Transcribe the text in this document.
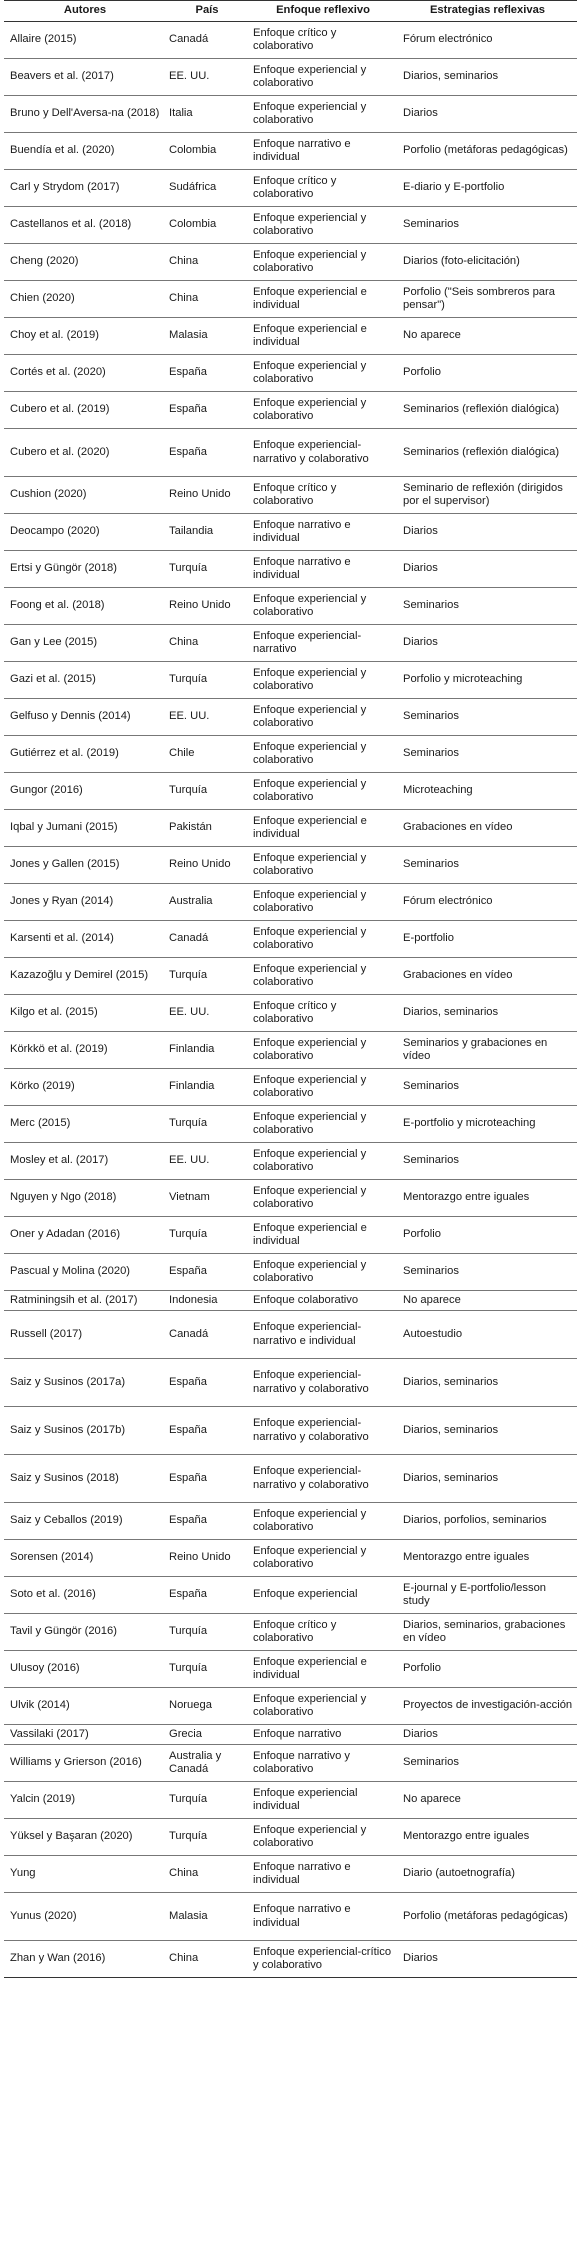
Autores	País	Enfoque reflexivo	Estrategias reflexivas
Allaire (2015)	Canadá	Enfoque crítico y colaborativo	Fórum electrónico
Beavers et al. (2017)	EE. UU.	Enfoque experiencial y colaborativo	Diarios, seminarios
Bruno y Dell'Aversa-na (2018)	Italia	Enfoque experiencial y colaborativo	Diarios
Buendía et al. (2020)	Colombia	Enfoque narrativo e individual	Porfolio (metáforas pedagógicas)
Carl y Strydom (2017)	Sudáfrica	Enfoque crítico y colaborativo	E-diario y E-portfolio
Castellanos et al. (2018)	Colombia	Enfoque experiencial y colaborativo	Seminarios
Cheng (2020)	China	Enfoque experiencial y colaborativo	Diarios (foto-elicitación)
Chien (2020)	China	Enfoque experiencial e individual	Porfolio ("Seis sombreros para pensar")
Choy et al. (2019)	Malasia	Enfoque experiencial e individual	No aparece
Cortés et al. (2020)	España	Enfoque experiencial y colaborativo	Porfolio
Cubero et al. (2019)	España	Enfoque experiencial y colaborativo	Seminarios (reflexión dialógica)
Cubero et al. (2020)	España	Enfoque experiencial-narrativo y colaborativo	Seminarios (reflexión dialógica)
Cushion (2020)	Reino Unido	Enfoque crítico y colaborativo	Seminario de reflexión (dirigidos por el supervisor)
Deocampo (2020)	Tailandia	Enfoque narrativo e individual	Diarios
Ertsi y Güngör (2018)	Turquía	Enfoque narrativo e individual	Diarios
Foong et al. (2018)	Reino Unido	Enfoque experiencial y colaborativo	Seminarios
Gan y Lee (2015)	China	Enfoque experiencial- narrativo	Diarios
Gazi et al. (2015)	Turquía	Enfoque experiencial y colaborativo	Porfolio y microteaching
Gelfuso y Dennis (2014)	EE. UU.	Enfoque experiencial y colaborativo	Seminarios
Gutiérrez et al. (2019)	Chile	Enfoque experiencial y colaborativo	Seminarios
Gungor (2016)	Turquía	Enfoque experiencial y colaborativo	Microteaching
Iqbal y Jumani (2015)	Pakistán	Enfoque experiencial e individual	Grabaciones en vídeo
Jones y Gallen (2015)	Reino Unido	Enfoque experiencial y colaborativo	Seminarios
Jones y Ryan (2014)	Australia	Enfoque experiencial y colaborativo	Fórum electrónico
Karsenti et al. (2014)	Canadá	Enfoque experiencial y colaborativo	E-portfolio
Kazazoğlu y Demirel (2015)	Turquía	Enfoque experiencial y colaborativo	Grabaciones en vídeo
Kilgo et al. (2015)	EE. UU.	Enfoque crítico y colaborativo	Diarios, seminarios
Körkkö et al. (2019)	Finlandia	Enfoque experiencial y colaborativo	Seminarios y grabaciones en vídeo
Körko (2019)	Finlandia	Enfoque experiencial y colaborativo	Seminarios
Merc (2015)	Turquía	Enfoque experiencial y colaborativo	E-portfolio y microteaching
Mosley et al. (2017)	EE. UU.	Enfoque experiencial y colaborativo	Seminarios
Nguyen y Ngo (2018)	Vietnam	Enfoque experiencial y colaborativo	Mentorazgo entre iguales
Oner y Adadan (2016)	Turquía	Enfoque experiencial e individual	Porfolio
Pascual y Molina (2020)	España	Enfoque experiencial y colaborativo	Seminarios
Ratminingsih et al. (2017)	Indonesia	Enfoque colaborativo	No aparece
Russell (2017)	Canadá	Enfoque experiencial-narrativo e individual	Autoestudio
Saiz y Susinos (2017a)	España	Enfoque experiencial-narrativo y colaborativo	Diarios, seminarios
Saiz y Susinos (2017b)	España	Enfoque experiencial-narrativo y colaborativo	Diarios, seminarios
Saiz y Susinos (2018)	España	Enfoque experiencial-narrativo y colaborativo	Diarios, seminarios
Saiz y Ceballos (2019)	España	Enfoque experiencial y colaborativo	Diarios, porfolios, seminarios
Sorensen (2014)	Reino Unido	Enfoque experiencial y colaborativo	Mentorazgo entre iguales
Soto et al. (2016)	España	Enfoque experiencial	E-journal y E-portfolio/lesson study
Tavil y Güngör (2016)	Turquía	Enfoque crítico y colaborativo	Diarios, seminarios, grabaciones en vídeo
Ulusoy (2016)	Turquía	Enfoque experiencial e individual	Porfolio
Ulvik (2014)	Noruega	Enfoque experiencial y colaborativo	Proyectos de investigación-acción
Vassilaki (2017)	Grecia	Enfoque narrativo	Diarios
Williams y Grierson (2016)	Australia y Canadá	Enfoque narrativo y colaborativo	Seminarios
Yalcin (2019)	Turquía	Enfoque experiencial individual	No aparece
Yüksel y Başaran (2020)	Turquía	Enfoque experiencial y colaborativo	Mentorazgo entre iguales
Yung	China	Enfoque narrativo e individual	Diario (autoetnografía)
Yunus (2020)	Malasia	Enfoque narrativo e individual	Porfolio (metáforas pedagógicas)
Zhan y Wan (2016)	China	Enfoque experiencial-crítico y colaborativo	Diarios
